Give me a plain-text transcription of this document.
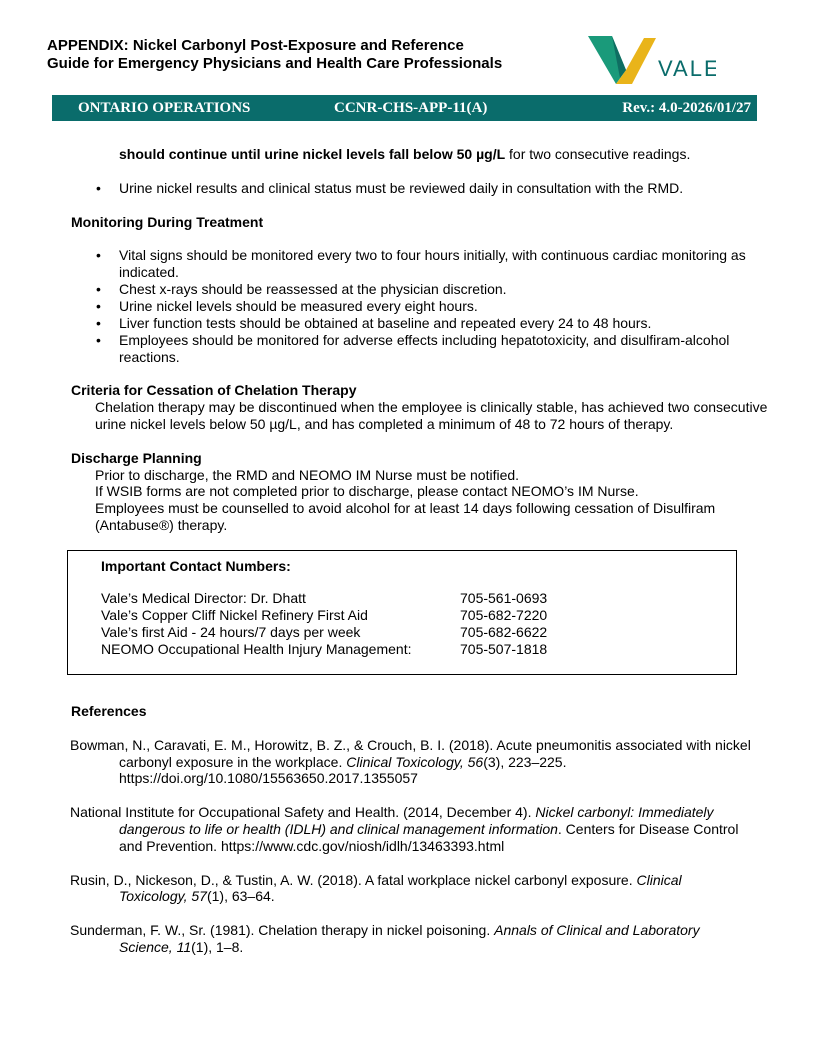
APPENDIX: Nickel Carbonyl Post-Exposure and Reference
Guide for Emergency Physicians and Health Care Professionals	VALE
ONTARIO OPERATIONS	CCNR-CHS-APP-11(A)	Rev.: 4.0-2026/01/27
should continue until urine nickel levels fall below 50 µg/L for two consecutive readings.
• Urine nickel results and clinical status must be reviewed daily in consultation with the RMD.
Monitoring During Treatment
• Vital signs should be monitored every two to four hours initially, with continuous cardiac monitoring as
indicated.
• Chest x-rays should be reassessed at the physician discretion.
• Urine nickel levels should be measured every eight hours.
• Liver function tests should be obtained at baseline and repeated every 24 to 48 hours.
• Employees should be monitored for adverse effects including hepatotoxicity, and disulfiram-alcohol
reactions.
Criteria for Cessation of Chelation Therapy
Chelation therapy may be discontinued when the employee is clinically stable, has achieved two consecutive
urine nickel levels below 50 µg/L, and has completed a minimum of 48 to 72 hours of therapy.
Discharge Planning
Prior to discharge, the RMD and NEOMO IM Nurse must be notified.
If WSIB forms are not completed prior to discharge, please contact NEOMO’s IM Nurse.
Employees must be counselled to avoid alcohol for at least 14 days following cessation of Disulfiram
(Antabuse®) therapy.
Important Contact Numbers:
Vale’s Medical Director: Dr. Dhatt	705-561-0693
Vale’s Copper Cliff Nickel Refinery First Aid	705-682-7220
Vale’s first Aid - 24 hours/7 days per week	705-682-6622
NEOMO Occupational Health Injury Management:	705-507-1818
References
Bowman, N., Caravati, E. M., Horowitz, B. Z., & Crouch, B. I. (2018). Acute pneumonitis associated with nickel
carbonyl exposure in the workplace. Clinical Toxicology, 56(3), 223–225.
https://doi.org/10.1080/15563650.2017.1355057
National Institute for Occupational Safety and Health. (2014, December 4). Nickel carbonyl: Immediately
dangerous to life or health (IDLH) and clinical management information. Centers for Disease Control
and Prevention. https://www.cdc.gov/niosh/idlh/13463393.html
Rusin, D., Nickeson, D., & Tustin, A. W. (2018). A fatal workplace nickel carbonyl exposure. Clinical
Toxicology, 57(1), 63–64.
Sunderman, F. W., Sr. (1981). Chelation therapy in nickel poisoning. Annals of Clinical and Laboratory
Science, 11(1), 1–8.
